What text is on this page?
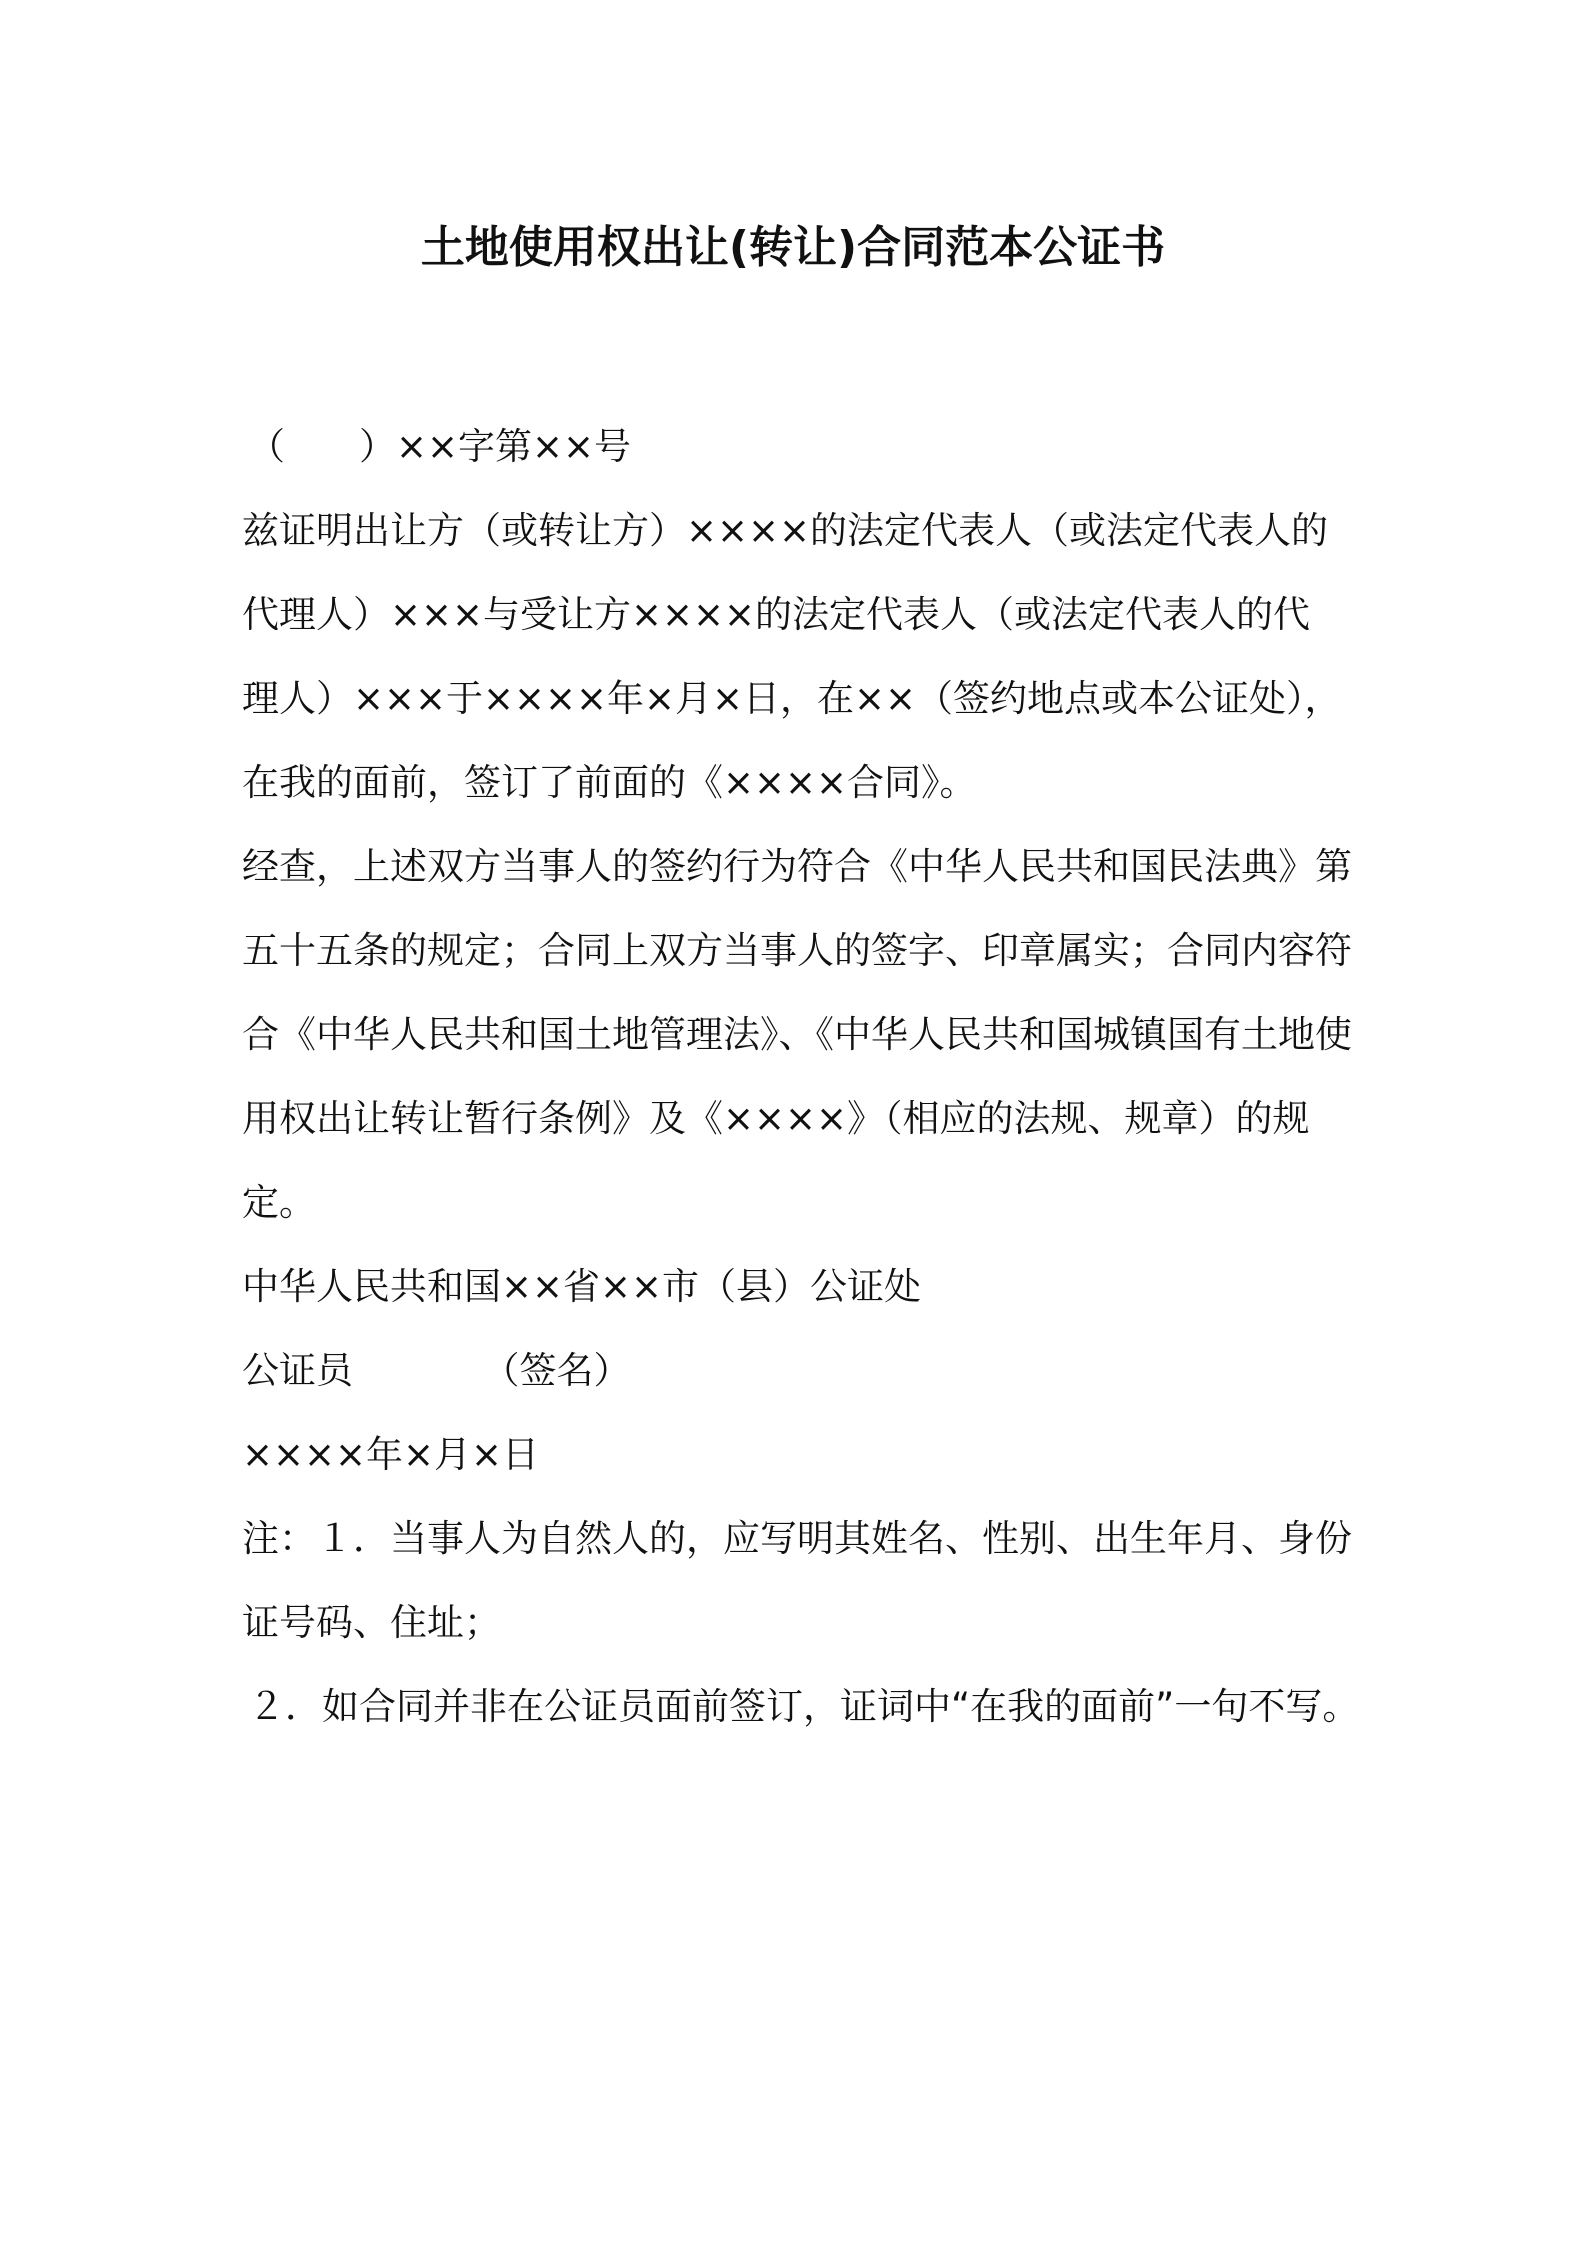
土地使用权出让(转让)合同范本公证书
（　　）××字第××号
兹证明出让方（或转让方）××××的法定代表人（或法定代表人的
代理人）×××与受让方××××的法定代表人（或法定代表人的代
理人）×××于××××年×月×日，在××（签约地点或本公证处），
在我的面前，签订了前面的《××××合同》。
经查，上述双方当事人的签约行为符合《中华人民共和国民法典》第
五十五条的规定；合同上双方当事人的签字、印章属实；合同内容符
合《中华人民共和国土地管理法》、《中华人民共和国城镇国有土地使
用权出让转让暂行条例》及《××××》（相应的法规、规章）的规
定。
中华人民共和国××省××市（县）公证处
公证员　　　　（签名）
××××年×月×日
注：１．当事人为自然人的，应写明其姓名、性别、出生年月、身份
证号码、住址；
２．如合同并非在公证员面前签订，证词中“在我的面前”一句不写。
